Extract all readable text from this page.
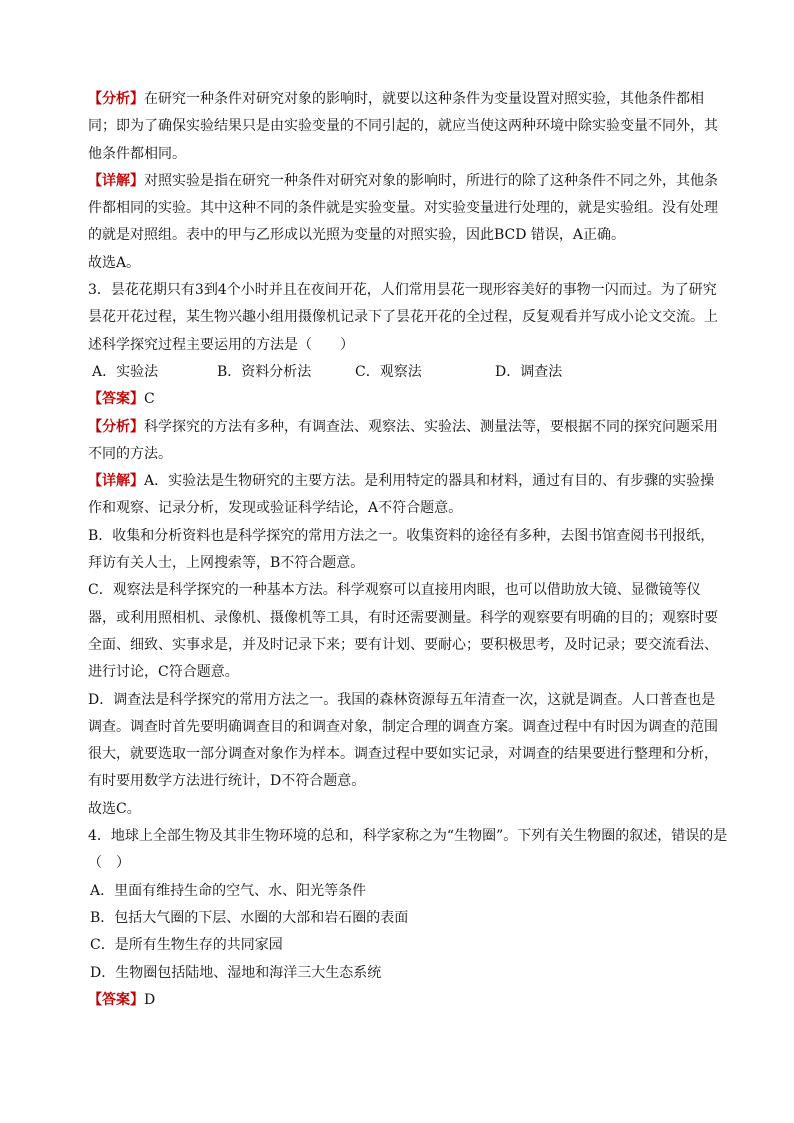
【分析】在研究一种条件对研究对象的影响时，就要以这种条件为变量设置对照实验，其他条件都相同；即为了确保实验结果只是由实验变量的不同引起的，就应当使这两种环境中除实验变量不同外，其他条件都相同。

【详解】对照实验是指在研究一种条件对研究对象的影响时，所进行的除了这种条件不同之外，其他条件都相同的实验。其中这种不同的条件就是实验变量。对实验变量进行处理的，就是实验组。没有处理的就是对照组。表中的甲与乙形成以光照为变量的对照实验，因此BCD 错误，A正确。

故选A。

3．昙花花期只有3到4个小时并且在夜间开花，人们常用昙花一现形容美好的事物一闪而过。为了研究昙花开花过程，某生物兴趣小组用摄像机记录下了昙花开花的全过程，反复观看并写成小论文交流。上述科学探究过程主要运用的方法是（　　）

A．实验法	B．资料分析法	C．观察法	D．调查法

【答案】C

【分析】科学探究的方法有多种，有调查法、观察法、实验法、测量法等，要根据不同的探究问题采用不同的方法。

【详解】A．实验法是生物研究的主要方法。是利用特定的器具和材料，通过有目的、有步骤的实验操作和观察、记录分析，发现或验证科学结论，A不符合题意。

B．收集和分析资料也是科学探究的常用方法之一。收集资料的途径有多种，去图书馆查阅书刊报纸，拜访有关人士，上网搜索等，B不符合题意。

C．观察法是科学探究的一种基本方法。科学观察可以直接用肉眼，也可以借助放大镜、显微镜等仪器，或利用照相机、录像机、摄像机等工具，有时还需要测量。科学的观察要有明确的目的；观察时要全面、细致、实事求是，并及时记录下来；要有计划、要耐心；要积极思考，及时记录；要交流看法、进行讨论，C符合题意。

D．调查法是科学探究的常用方法之一。我国的森林资源每五年清查一次，这就是调查。人口普查也是调查。调查时首先要明确调查目的和调查对象，制定合理的调查方案。调查过程中有时因为调查的范围很大，就要选取一部分调查对象作为样本。调查过程中要如实记录，对调查的结果要进行整理和分析，有时要用数学方法进行统计，D不符合题意。

故选C。

4．地球上全部生物及其非生物环境的总和，科学家称之为“生物圈”。下列有关生物圈的叙述，错误的是（　）

A．里面有维持生命的空气、水、阳光等条件

B．包括大气圈的下层、水圈的大部和岩石圈的表面

C．是所有生物生存的共同家园

D．生物圈包括陆地、湿地和海洋三大生态系统

【答案】D
